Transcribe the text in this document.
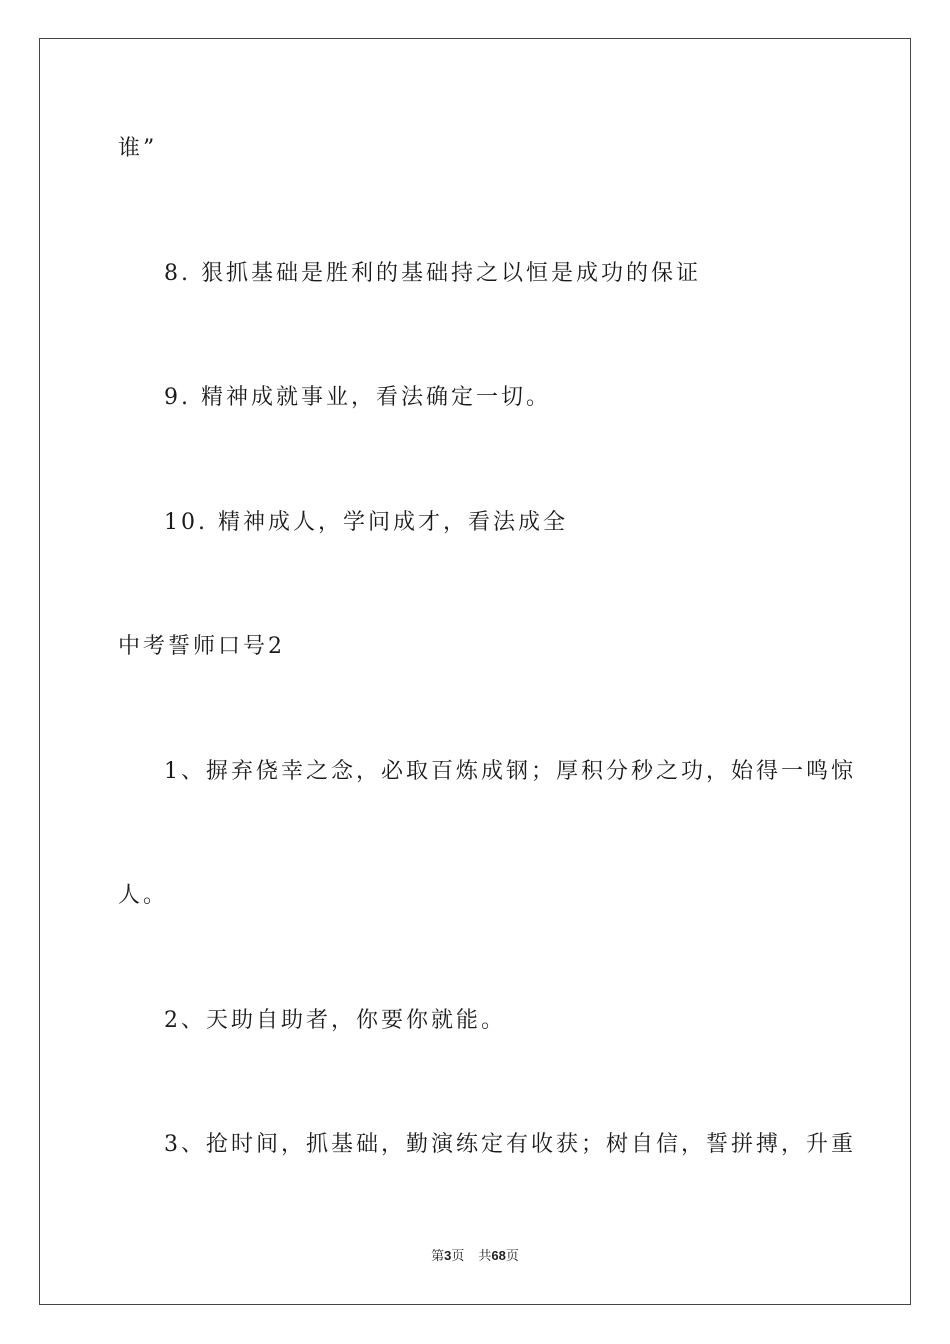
谁”
8. 狠抓基础是胜利的基础持之以恒是成功的保证
9. 精神成就事业，看法确定一切。
10. 精神成人，学问成才，看法成全
中考誓师口号2
1、摒弃侥幸之念，必取百炼成钢；厚积分秒之功，始得一鸣惊
人。
2、天助自助者，你要你就能。
3、抢时间，抓基础，勤演练定有收获；树自信，誓拼搏，升重
第3页 共68页
